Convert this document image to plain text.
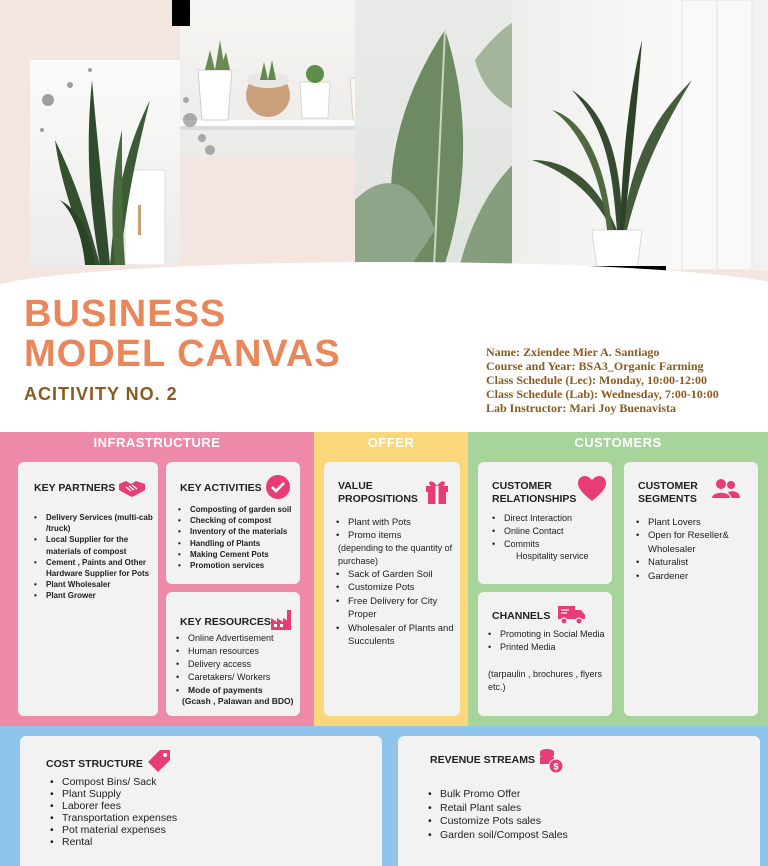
BUSINESS
MODEL CANVAS
ACITIVITY NO. 2
Name: Zxiendee Mier A. Santiago
Course and Year: BSA3_Organic Farming
Class Schedule (Lec): Monday, 10:00-12:00
Class Schedule (Lab): Wednesday, 7:00-10:00
Lab Instructor: Mari Joy Buenavista
INFRASTRUCTURE
KEY PARTNERS
• Delivery Services (multi-cab /truck)
• Local Supplier for the materials of compost
• Cement , Paints and Other Hardware Supplier for Pots
• Plant Wholesaler
• Plant Grower
KEY ACTIVITIES
• Composting of garden soil
• Checking of compost
• Inventory of the materials
• Handling of Plants
• Making Cement Pots
• Promotion services
KEY RESOURCES
• Online Advertisement
• Human resources
• Delivery access
• Caretakers/ Workers
• Mode of payments
(Gcash , Palawan and BDO)
OFFER
VALUE
PROPOSITIONS
• Plant with Pots
• Promo items
(depending to the quantity of purchase)
• Sack of Garden Soil
• Customize Pots
• Free Delivery for City Proper
• Wholesaler of Plants and Succulents
CUSTOMERS
CUSTOMER
RELATIONSHIPS
• Direct Interaction
• Online Contact
• Commits
Hospitality service
CHANNELS
• Promoting in Social Media
• Printed Media
(tarpaulin , brochures , flyers etc.)
CUSTOMER
SEGMENTS
• Plant Lovers
• Open for Reseller& Wholesaler
• Naturalist
• Gardener
COST STRUCTURE
• Compost Bins/ Sack
• Plant Supply
• Laborer fees
• Transportation expenses
• Pot material expenses
• Rental
REVENUE STREAMS
$
• Bulk Promo Offer
• Retail Plant sales
• Customize Pots sales
• Garden soil/Compost Sales
